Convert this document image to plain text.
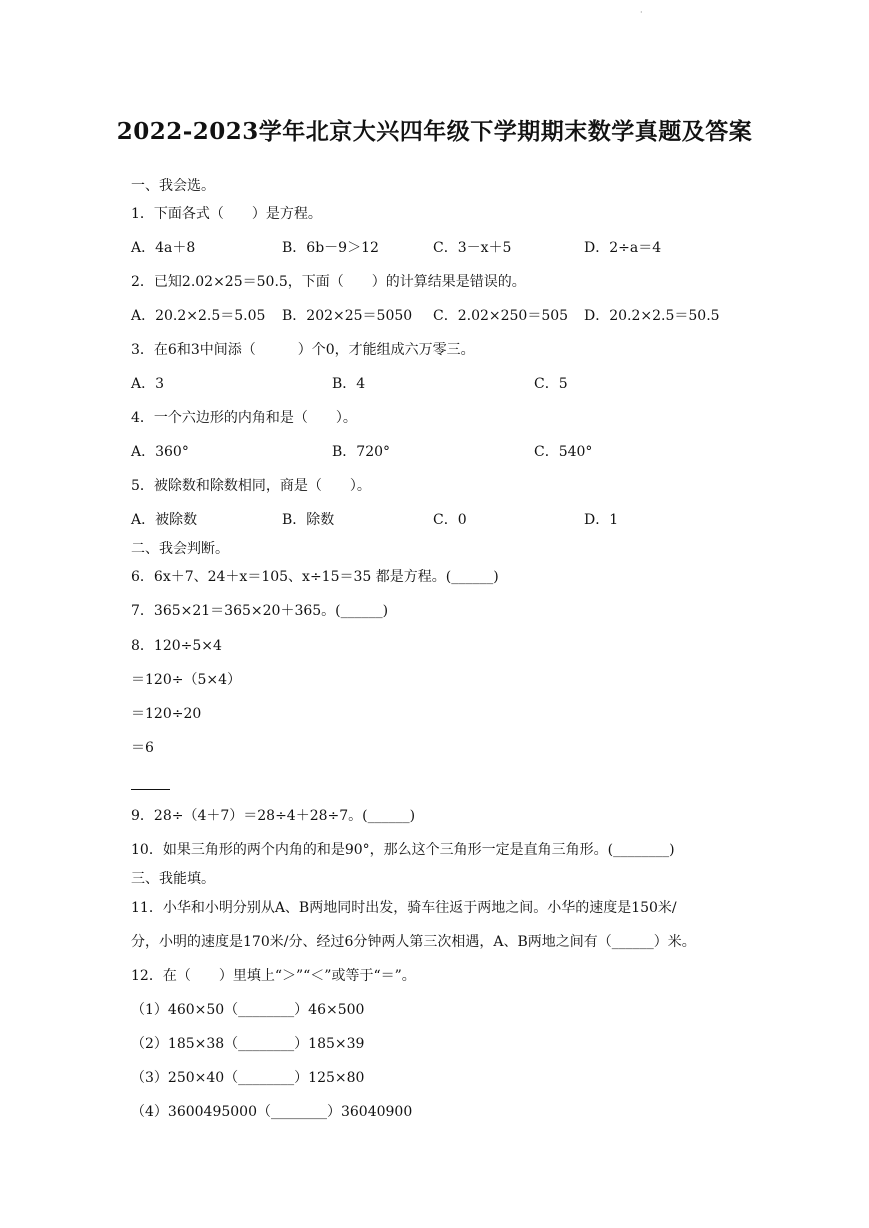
·
2022-2023学年北京大兴四年级下学期期末数学真题及答案
一、我会选。
1．下面各式（　　）是方程。
A．4a＋8	B．6b－9＞12	C．3－x＋5	D．2÷a＝4
2．已知2.02×25＝50.5，下面（　　）的计算结果是错误的。
A．20.2×2.5＝5.05 B．202×25＝5050 C．2.02×250＝505 D．20.2×2.5＝50.5
3．在6和3中间添（　　　）个0，才能组成六万零三。
A．3	B．4	C．5
4．一个六边形的内角和是（　　）。
A．360°	B．720°	C．540°
5．被除数和除数相同，商是（　　）。
A．被除数	B．除数	C．0	D．1
二、我会判断。
6．6x＋7、24＋x＝105、x÷15＝35 都是方程。(______)
7．365×21＝365×20＋365。(______)
8．120÷5×4
＝120÷（5×4）
＝120÷20
＝6
9．28÷（4＋7）＝28÷4＋28÷7。(______)
10．如果三角形的两个内角的和是90°，那么这个三角形一定是直角三角形。(________)
三、我能填。
11．小华和小明分别从A、B两地同时出发，骑车往返于两地之间。小华的速度是150米/
分，小明的速度是170米/分、经过6分钟两人第三次相遇，A、B两地之间有（______）米。
12．在（　　）里填上“＞”“＜”或等于“＝”。
（1）460×50（________）46×500
（2）185×38（________）185×39
（3）250×40（________）125×80
（4）3600495000（________）36040900
